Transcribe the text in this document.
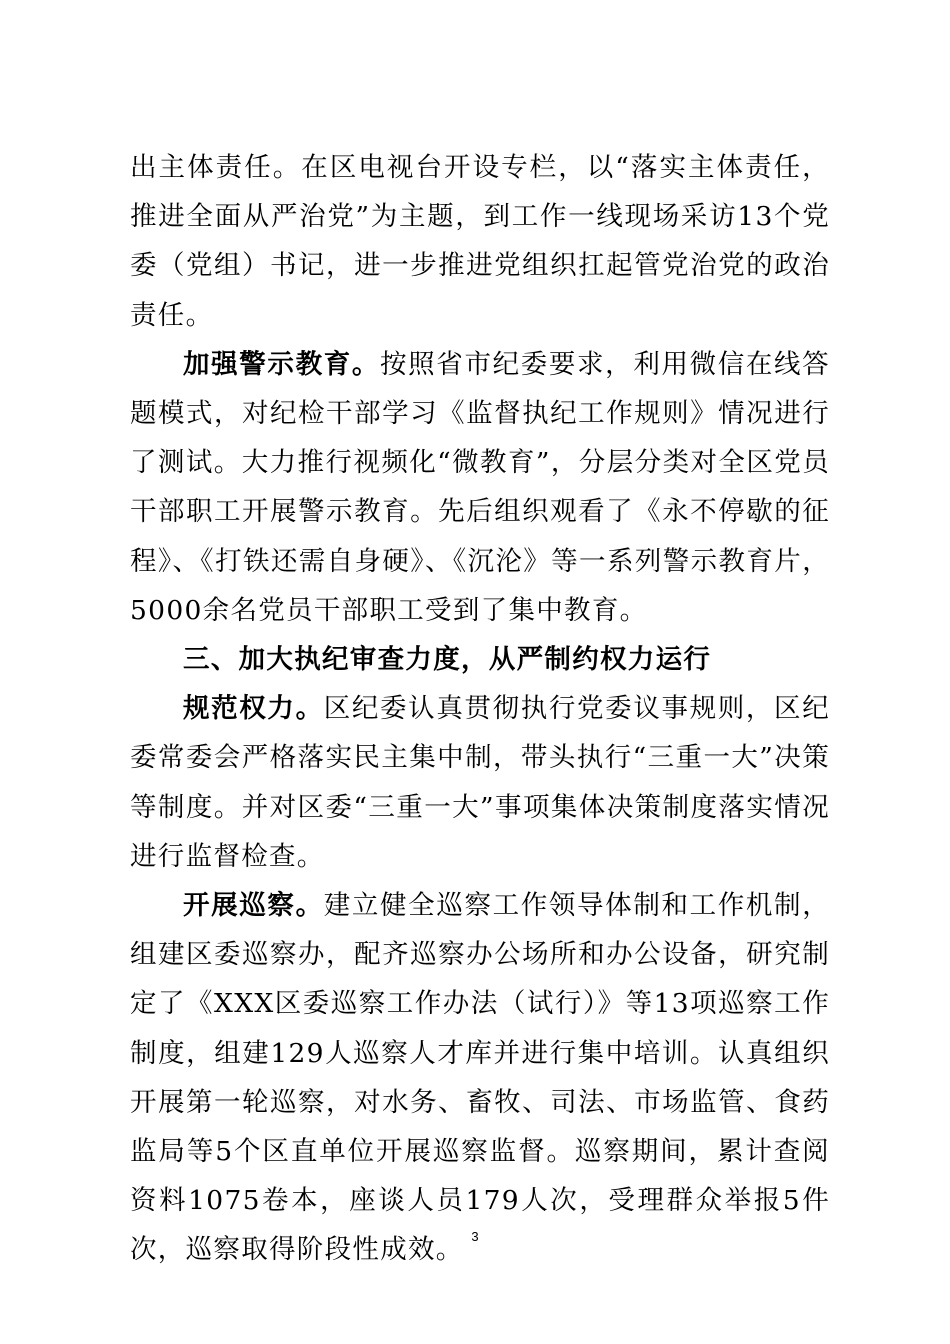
出主体责任。在区电视台开设专栏，以“落实主体责任，推进全面从严治党”为主题，到工作一线现场采访13个党委（党组）书记，进一步推进党组织扛起管党治党的政治责任。

加强警示教育。按照省市纪委要求，利用微信在线答题模式，对纪检干部学习《监督执纪工作规则》情况进行了测试。大力推行视频化“微教育”，分层分类对全区党员干部职工开展警示教育。先后组织观看了《永不停歇的征程》、《打铁还需自身硬》、《沉沦》等一系列警示教育片，5000余名党员干部职工受到了集中教育。

三、加大执纪审查力度，从严制约权力运行

规范权力。区纪委认真贯彻执行党委议事规则，区纪委常委会严格落实民主集中制，带头执行“三重一大”决策等制度。并对区委“三重一大”事项集体决策制度落实情况进行监督检查。

开展巡察。建立健全巡察工作领导体制和工作机制，组建区委巡察办，配齐巡察办公场所和办公设备，研究制定了《XXX区委巡察工作办法（试行）》等13项巡察工作制度，组建129人巡察人才库并进行集中培训。认真组织开展第一轮巡察，对水务、畜牧、司法、市场监管、食药监局等5个区直单位开展巡察监督。巡察期间，累计查阅资料1075卷本，座谈人员179人次，受理群众举报5件次，巡察取得阶段性成效。 3
